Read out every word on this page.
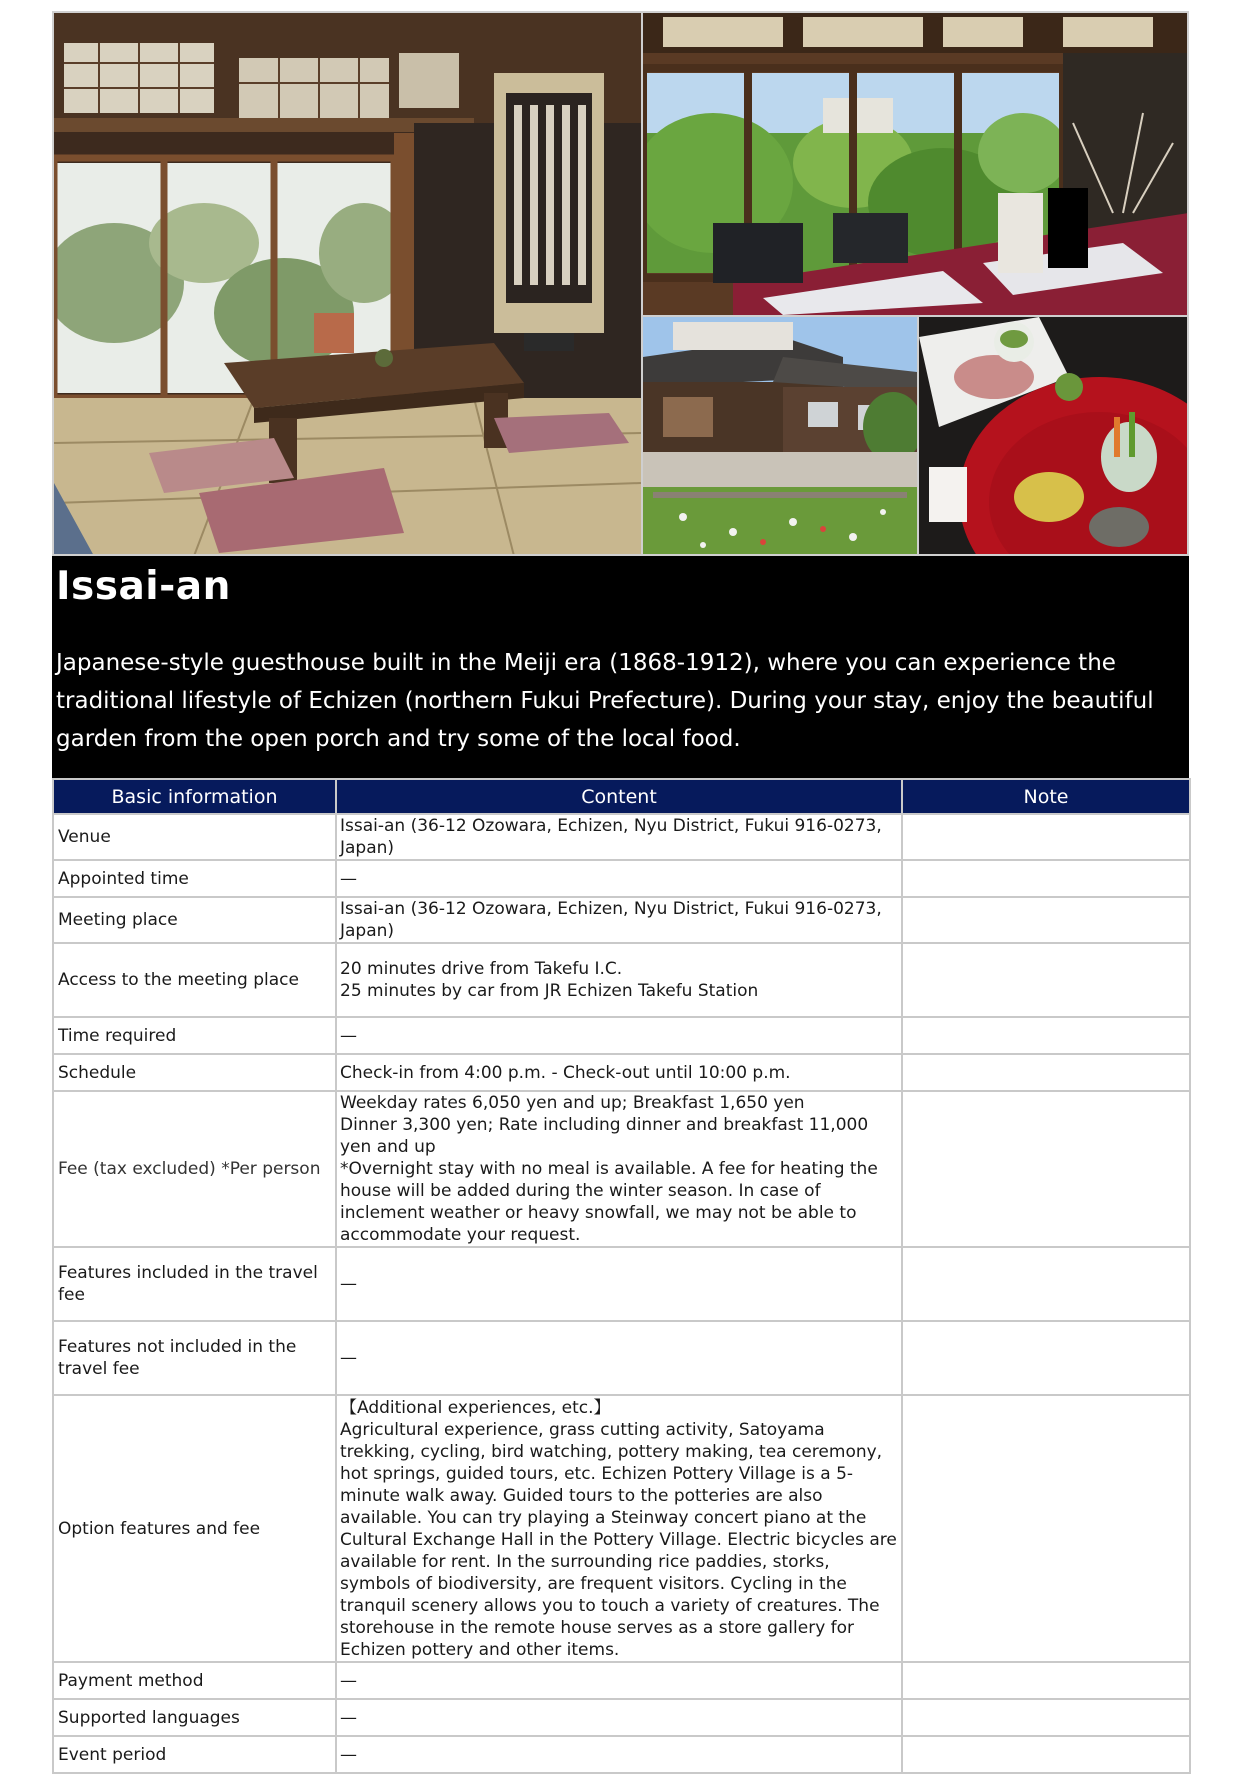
Issai-an

Japanese-style guesthouse built in the Meiji era (1868-1912), where you can experience the traditional lifestyle of Echizen (northern Fukui Prefecture). During your stay, enjoy the beautiful garden from the open porch and try some of the local food.

Basic information	Content	Note
Venue	Issai-an (36-12 Ozowara, Echizen, Nyu District, Fukui 916-0273, Japan)	
Appointed time	—	
Meeting place	Issai-an (36-12 Ozowara, Echizen, Nyu District, Fukui 916-0273, Japan)	
Access to the meeting place	20 minutes drive from Takefu I.C.
25 minutes by car from JR Echizen Takefu Station	
Time required	—	
Schedule	Check-in from 4:00 p.m. - Check-out until 10:00 p.m.	
Fee (tax excluded) *Per person	Weekday rates 6,050 yen and up; Breakfast 1,650 yen
Dinner 3,300 yen; Rate including dinner and breakfast 11,000 yen and up
*Overnight stay with no meal is available. A fee for heating the house will be added during the winter season. In case of inclement weather or heavy snowfall, we may not be able to accommodate your request.	
Features included in the travel fee	—	
Features not included in the travel fee	—	
Option features and fee	【Additional experiences, etc.】
Agricultural experience, grass cutting activity, Satoyama trekking, cycling, bird watching, pottery making, tea ceremony, hot springs, guided tours, etc. Echizen Pottery Village is a 5-minute walk away. Guided tours to the potteries are also available. You can try playing a Steinway concert piano at the Cultural Exchange Hall in the Pottery Village. Electric bicycles are available for rent. In the surrounding rice paddies, storks, symbols of biodiversity, are frequent visitors. Cycling in the tranquil scenery allows you to touch a variety of creatures. The storehouse in the remote house serves as a store gallery for Echizen pottery and other items.	
Payment method	—	
Supported languages	—	
Event period	—	
